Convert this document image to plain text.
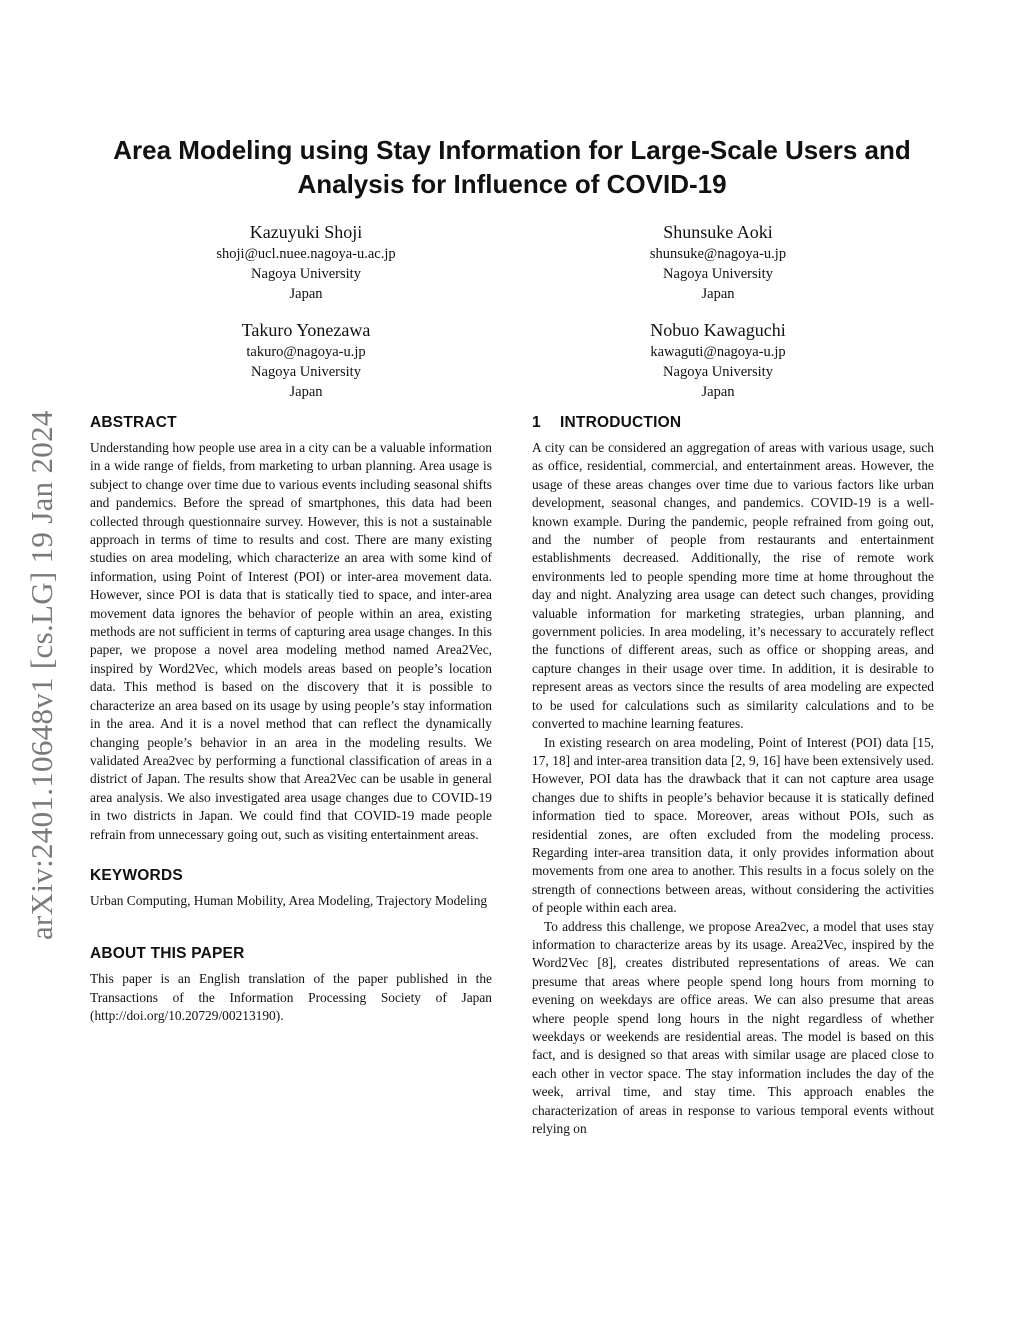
arXiv:2401.10648v1 [cs.LG] 19 Jan 2024
Area Modeling using Stay Information for Large-Scale Users and
Analysis for Influence of COVID-19
Kazuyuki Shoji
shoji@ucl.nuee.nagoya-u.ac.jp
Nagoya University
Japan
Shunsuke Aoki
shunsuke@nagoya-u.jp
Nagoya University
Japan
Takuro Yonezawa
takuro@nagoya-u.jp
Nagoya University
Japan
Nobuo Kawaguchi
kawaguti@nagoya-u.jp
Nagoya University
Japan
ABSTRACT

Understanding how people use area in a city can be a valuable information in a wide range of fields, from marketing to urban planning. Area usage is subject to change over time due to various events including seasonal shifts and pandemics. Before the spread of smartphones, this data had been collected through questionnaire survey. However, this is not a sustainable approach in terms of time to results and cost. There are many existing studies on area modeling, which characterize an area with some kind of information, using Point of Interest (POI) or inter-area movement data. However, since POI is data that is statically tied to space, and inter-area movement data ignores the behavior of people within an area, existing methods are not sufficient in terms of capturing area usage changes. In this paper, we propose a novel area modeling method named Area2Vec, inspired by Word2Vec, which models areas based on people’s location data. This method is based on the discovery that it is possible to characterize an area based on its usage by using people’s stay information in the area. And it is a novel method that can reflect the dynamically changing people’s behavior in an area in the modeling results. We validated Area2vec by performing a functional classification of areas in a district of Japan. The results show that Area2Vec can be usable in general area analysis. We also investigated area usage changes due to COVID-19 in two districts in Japan. We could find that COVID-19 made people refrain from unnecessary going out, such as visiting entertainment areas.

KEYWORDS

Urban Computing, Human Mobility, Area Modeling, Trajectory Modeling

ABOUT THIS PAPER

This paper is an English translation of the paper published in the Transactions of the Information Processing Society of Japan (http://doi.org/10.20729/00213190).

1 INTRODUCTION

A city can be considered an aggregation of areas with various usage, such as office, residential, commercial, and entertainment areas. However, the usage of these areas changes over time due to various factors like urban development, seasonal changes, and pandemics. COVID-19 is a well-known example. During the pandemic, people refrained from going out, and the number of people from restaurants and entertainment establishments decreased. Additionally, the rise of remote work environments led to people spending more time at home throughout the day and night. Analyzing area usage can detect such changes, providing valuable information for marketing strategies, urban planning, and government policies. In area modeling, it’s necessary to accurately reflect the functions of different areas, such as office or shopping areas, and capture changes in their usage over time. In addition, it is desirable to represent areas as vectors since the results of area modeling are expected to be used for calculations such as similarity calculations and to be converted to machine learning features.

In existing research on area modeling, Point of Interest (POI) data [15, 17, 18] and inter-area transition data [2, 9, 16] have been extensively used. However, POI data has the drawback that it can not capture area usage changes due to shifts in people’s behavior because it is statically defined information tied to space. Moreover, areas without POIs, such as residential zones, are often excluded from the modeling process. Regarding inter-area transition data, it only provides information about movements from one area to another. This results in a focus solely on the strength of connections between areas, without considering the activities of people within each area.

To address this challenge, we propose Area2vec, a model that uses stay information to characterize areas by its usage. Area2Vec, inspired by the Word2Vec [8], creates distributed representations of areas. We can presume that areas where people spend long hours from morning to evening on weekdays are office areas. We can also presume that areas where people spend long hours in the night regardless of whether weekdays or weekends are residential areas. The model is based on this fact, and is designed so that areas with similar usage are placed close to each other in vector space. The stay information includes the day of the week, arrival time, and stay time. This approach enables the characterization of areas in response to various temporal events without relying on
